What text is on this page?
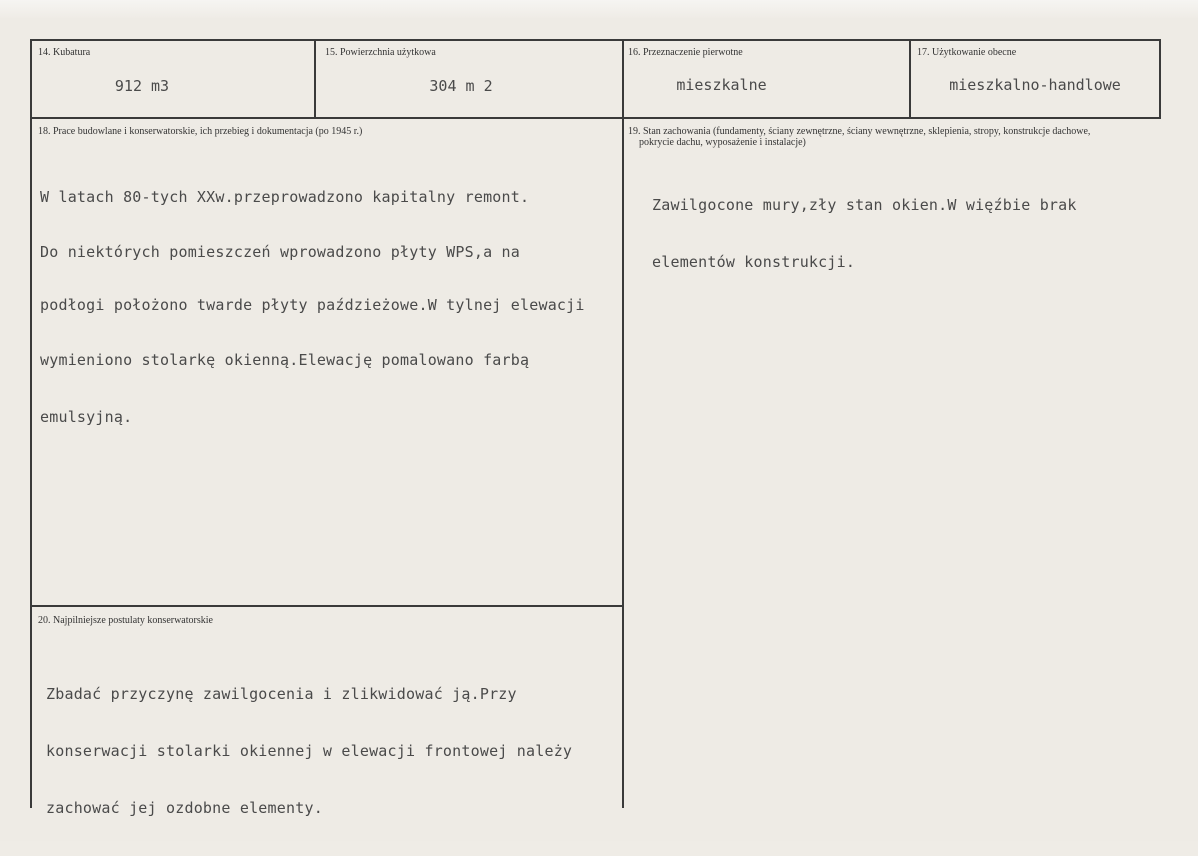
14. Kubatura
912 m3
15. Powierzchnia użytkowa
304 m 2
16. Przeznaczenie pierwotne
mieszkalne
17. Użytkowanie obecne
mieszkalno-handlowe
18. Prace budowlane i konserwatorskie, ich przebieg i dokumentacja (po 1945 r.)

W latach 80-tych XXw.przeprowadzono kapitalny remont.

Do niektórych pomieszczeń wprowadzono płyty WPS,a na

podłogi położono twarde płyty paździeżowe.W tylnej elewacji

wymieniono stolarkę okienną.Elewację pomalowano farbą

emulsyjną.

19. Stan zachowania (fundamenty, ściany zewnętrzne, ściany wewnętrzne, sklepienia, stropy, konstrukcje dachowe,
pokrycie dachu, wyposażenie i instalacje)

Zawilgocone mury,zły stan okien.W więźbie brak

elementów konstrukcji.

20. Najpilniejsze postulaty konserwatorskie

Zbadać przyczynę zawilgocenia i zlikwidować ją.Przy

konserwacji stolarki okiennej w elewacji frontowej należy

zachować jej ozdobne elementy.
